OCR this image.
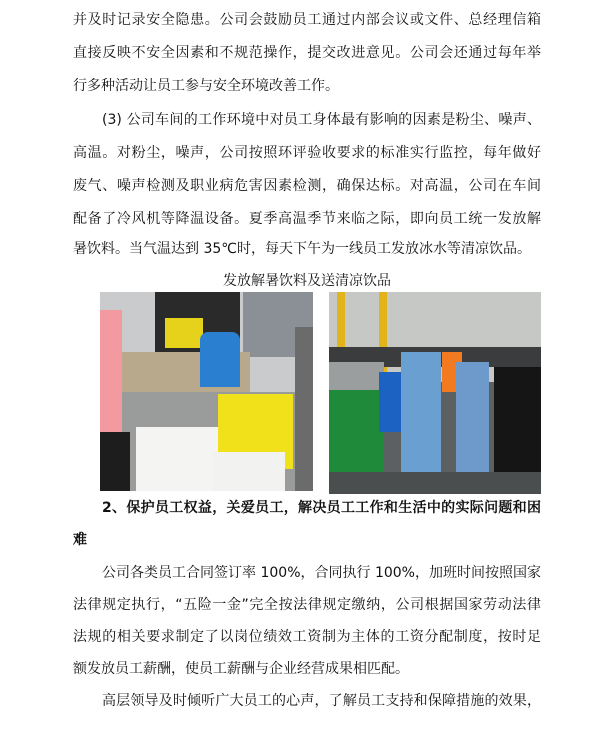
并及时记录安全隐患。公司会鼓励员工通过内部会议或文件、总经理信箱
直接反映不安全因素和不规范操作，提交改进意见。公司会还通过每年举
行多种活动让员工参与安全环境改善工作。
(3) 公司车间的工作环境中对员工身体最有影响的因素是粉尘、噪声、
高温。对粉尘，噪声，公司按照环评验收要求的标准实行监控，每年做好
废气、噪声检测及职业病危害因素检测，确保达标。对高温，公司在车间
配备了冷风机等降温设备。夏季高温季节来临之际，即向员工统一发放解
暑饮料。当气温达到 35℃时，每天下午为一线员工发放冰水等清凉饮品。
发放解暑饮料及送清凉饮品
2、保护员工权益，关爱员工，解决员工工作和生活中的实际问题和困
难
公司各类员工合同签订率 100%，合同执行 100%，加班时间按照国家
法律规定执行，“五险一金”完全按法律规定缴纳，公司根据国家劳动法律
法规的相关要求制定了以岗位绩效工资制为主体的工资分配制度，按时足
额发放员工薪酬，使员工薪酬与企业经营成果相匹配。
高层领导及时倾听广大员工的心声，了解员工支持和保障措施的效果，
